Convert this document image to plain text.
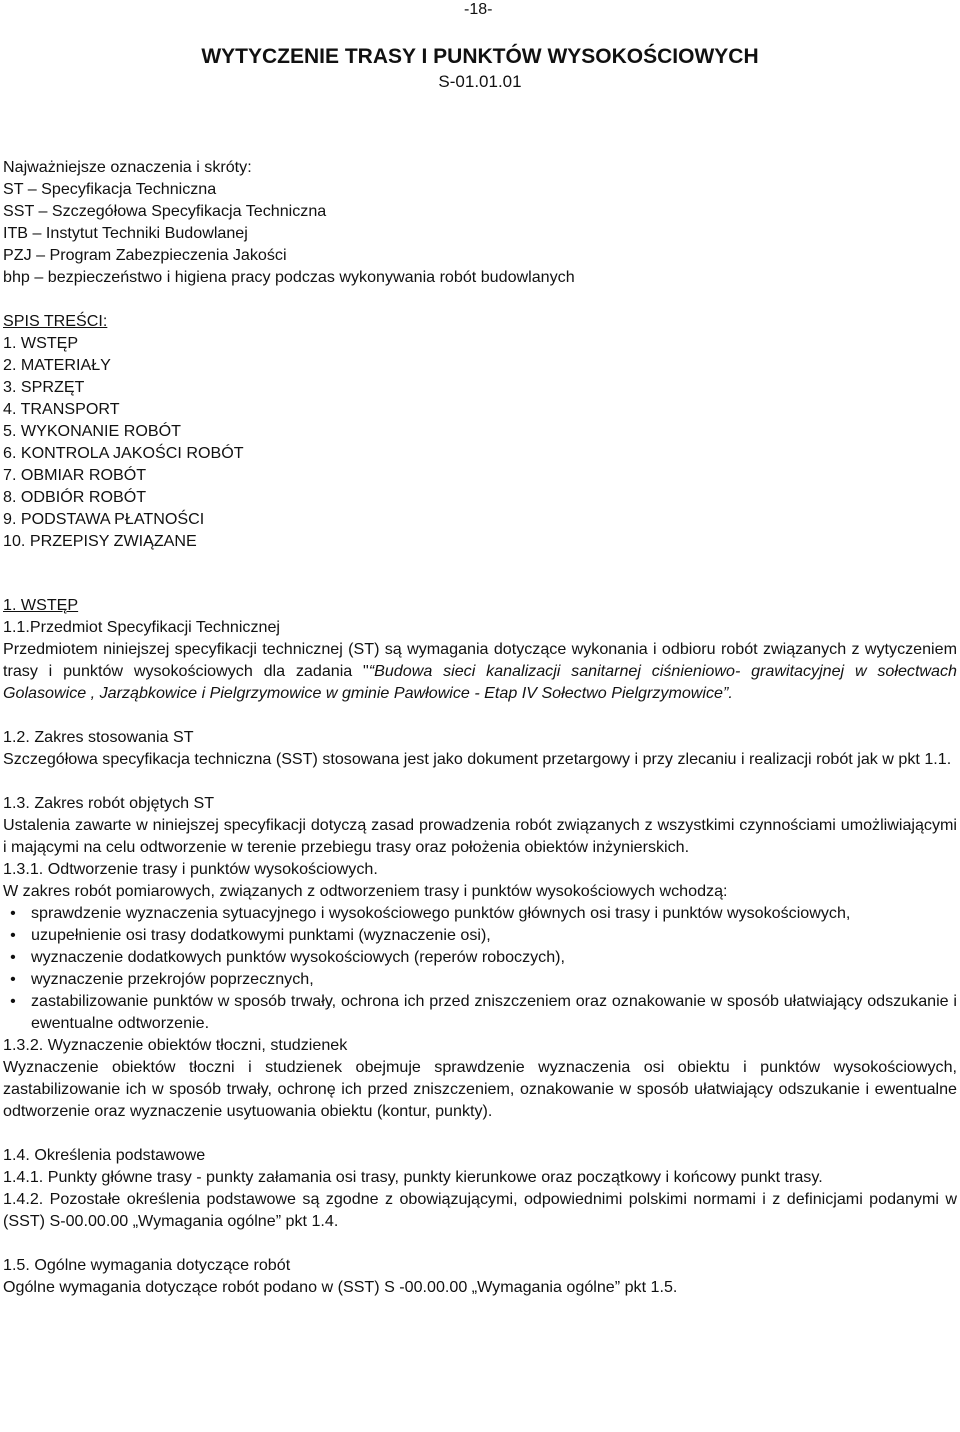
-18-
WYTYCZENIE TRASY I PUNKTÓW WYSOKOŚCIOWYCH
S-01.01.01
Najważniejsze oznaczenia i skróty:
ST – Specyfikacja Techniczna
SST – Szczegółowa Specyfikacja Techniczna
ITB – Instytut Techniki Budowlanej
PZJ – Program Zabezpieczenia Jakości
bhp – bezpieczeństwo i higiena pracy podczas wykonywania robót budowlanych
SPIS TREŚCI:
1. WSTĘP
2. MATERIAŁY
3. SPRZĘT
4. TRANSPORT
5. WYKONANIE ROBÓT
6. KONTROLA JAKOŚCI ROBÓT
7. OBMIAR ROBÓT
8. ODBIÓR ROBÓT
9. PODSTAWA PŁATNOŚCI
10. PRZEPISY ZWIĄZANE
1. WSTĘP
1.1.Przedmiot Specyfikacji Technicznej
Przedmiotem niniejszej specyfikacji technicznej (ST) są wymagania dotyczące wykonania i odbioru robót związanych z wytyczeniem trasy i punktów wysokościowych dla zadania "“Budowa sieci kanalizacji sanitarnej ciśnieniowo- grawitacyjnej w sołectwach Golasowice , Jarząbkowice i Pielgrzymowice w gminie Pawłowice - Etap IV Sołectwo Pielgrzymowice”.
1.2. Zakres stosowania ST
Szczegółowa specyfikacja techniczna (SST) stosowana jest jako dokument przetargowy i przy zlecaniu i realizacji robót jak w pkt 1.1.
1.3. Zakres robót objętych ST
Ustalenia zawarte w niniejszej specyfikacji dotyczą zasad prowadzenia robót związanych z wszystkimi czynnościami umożliwiającymi i mającymi na celu odtworzenie w terenie przebiegu trasy oraz położenia obiektów inżynierskich.
1.3.1. Odtworzenie trasy i punktów wysokościowych.
W zakres robót pomiarowych, związanych z odtworzeniem trasy i punktów wysokościowych wchodzą:
• sprawdzenie wyznaczenia sytuacyjnego i wysokościowego punktów głównych osi trasy i punktów wysokościowych,
• uzupełnienie osi trasy dodatkowymi punktami (wyznaczenie osi),
• wyznaczenie dodatkowych punktów wysokościowych (reperów roboczych),
• wyznaczenie przekrojów poprzecznych,
• zastabilizowanie punktów w sposób trwały, ochrona ich przed zniszczeniem oraz oznakowanie w sposób ułatwiający odszukanie i ewentualne odtworzenie.
1.3.2. Wyznaczenie obiektów tłoczni, studzienek
Wyznaczenie obiektów tłoczni i studzienek obejmuje sprawdzenie wyznaczenia osi obiektu i punktów wysokościowych, zastabilizowanie ich w sposób trwały, ochronę ich przed zniszczeniem, oznakowanie w sposób ułatwiający odszukanie i ewentualne odtworzenie oraz wyznaczenie usytuowania obiektu (kontur, punkty).
1.4. Określenia podstawowe
1.4.1. Punkty główne trasy - punkty załamania osi trasy, punkty kierunkowe oraz początkowy i końcowy punkt trasy.
1.4.2. Pozostałe określenia podstawowe są zgodne z obowiązującymi, odpowiednimi polskimi normami i z definicjami podanymi w (SST) S-00.00.00 „Wymagania ogólne” pkt 1.4.
1.5. Ogólne wymagania dotyczące robót
Ogólne wymagania dotyczące robót podano w (SST) S -00.00.00 „Wymagania ogólne” pkt 1.5.
